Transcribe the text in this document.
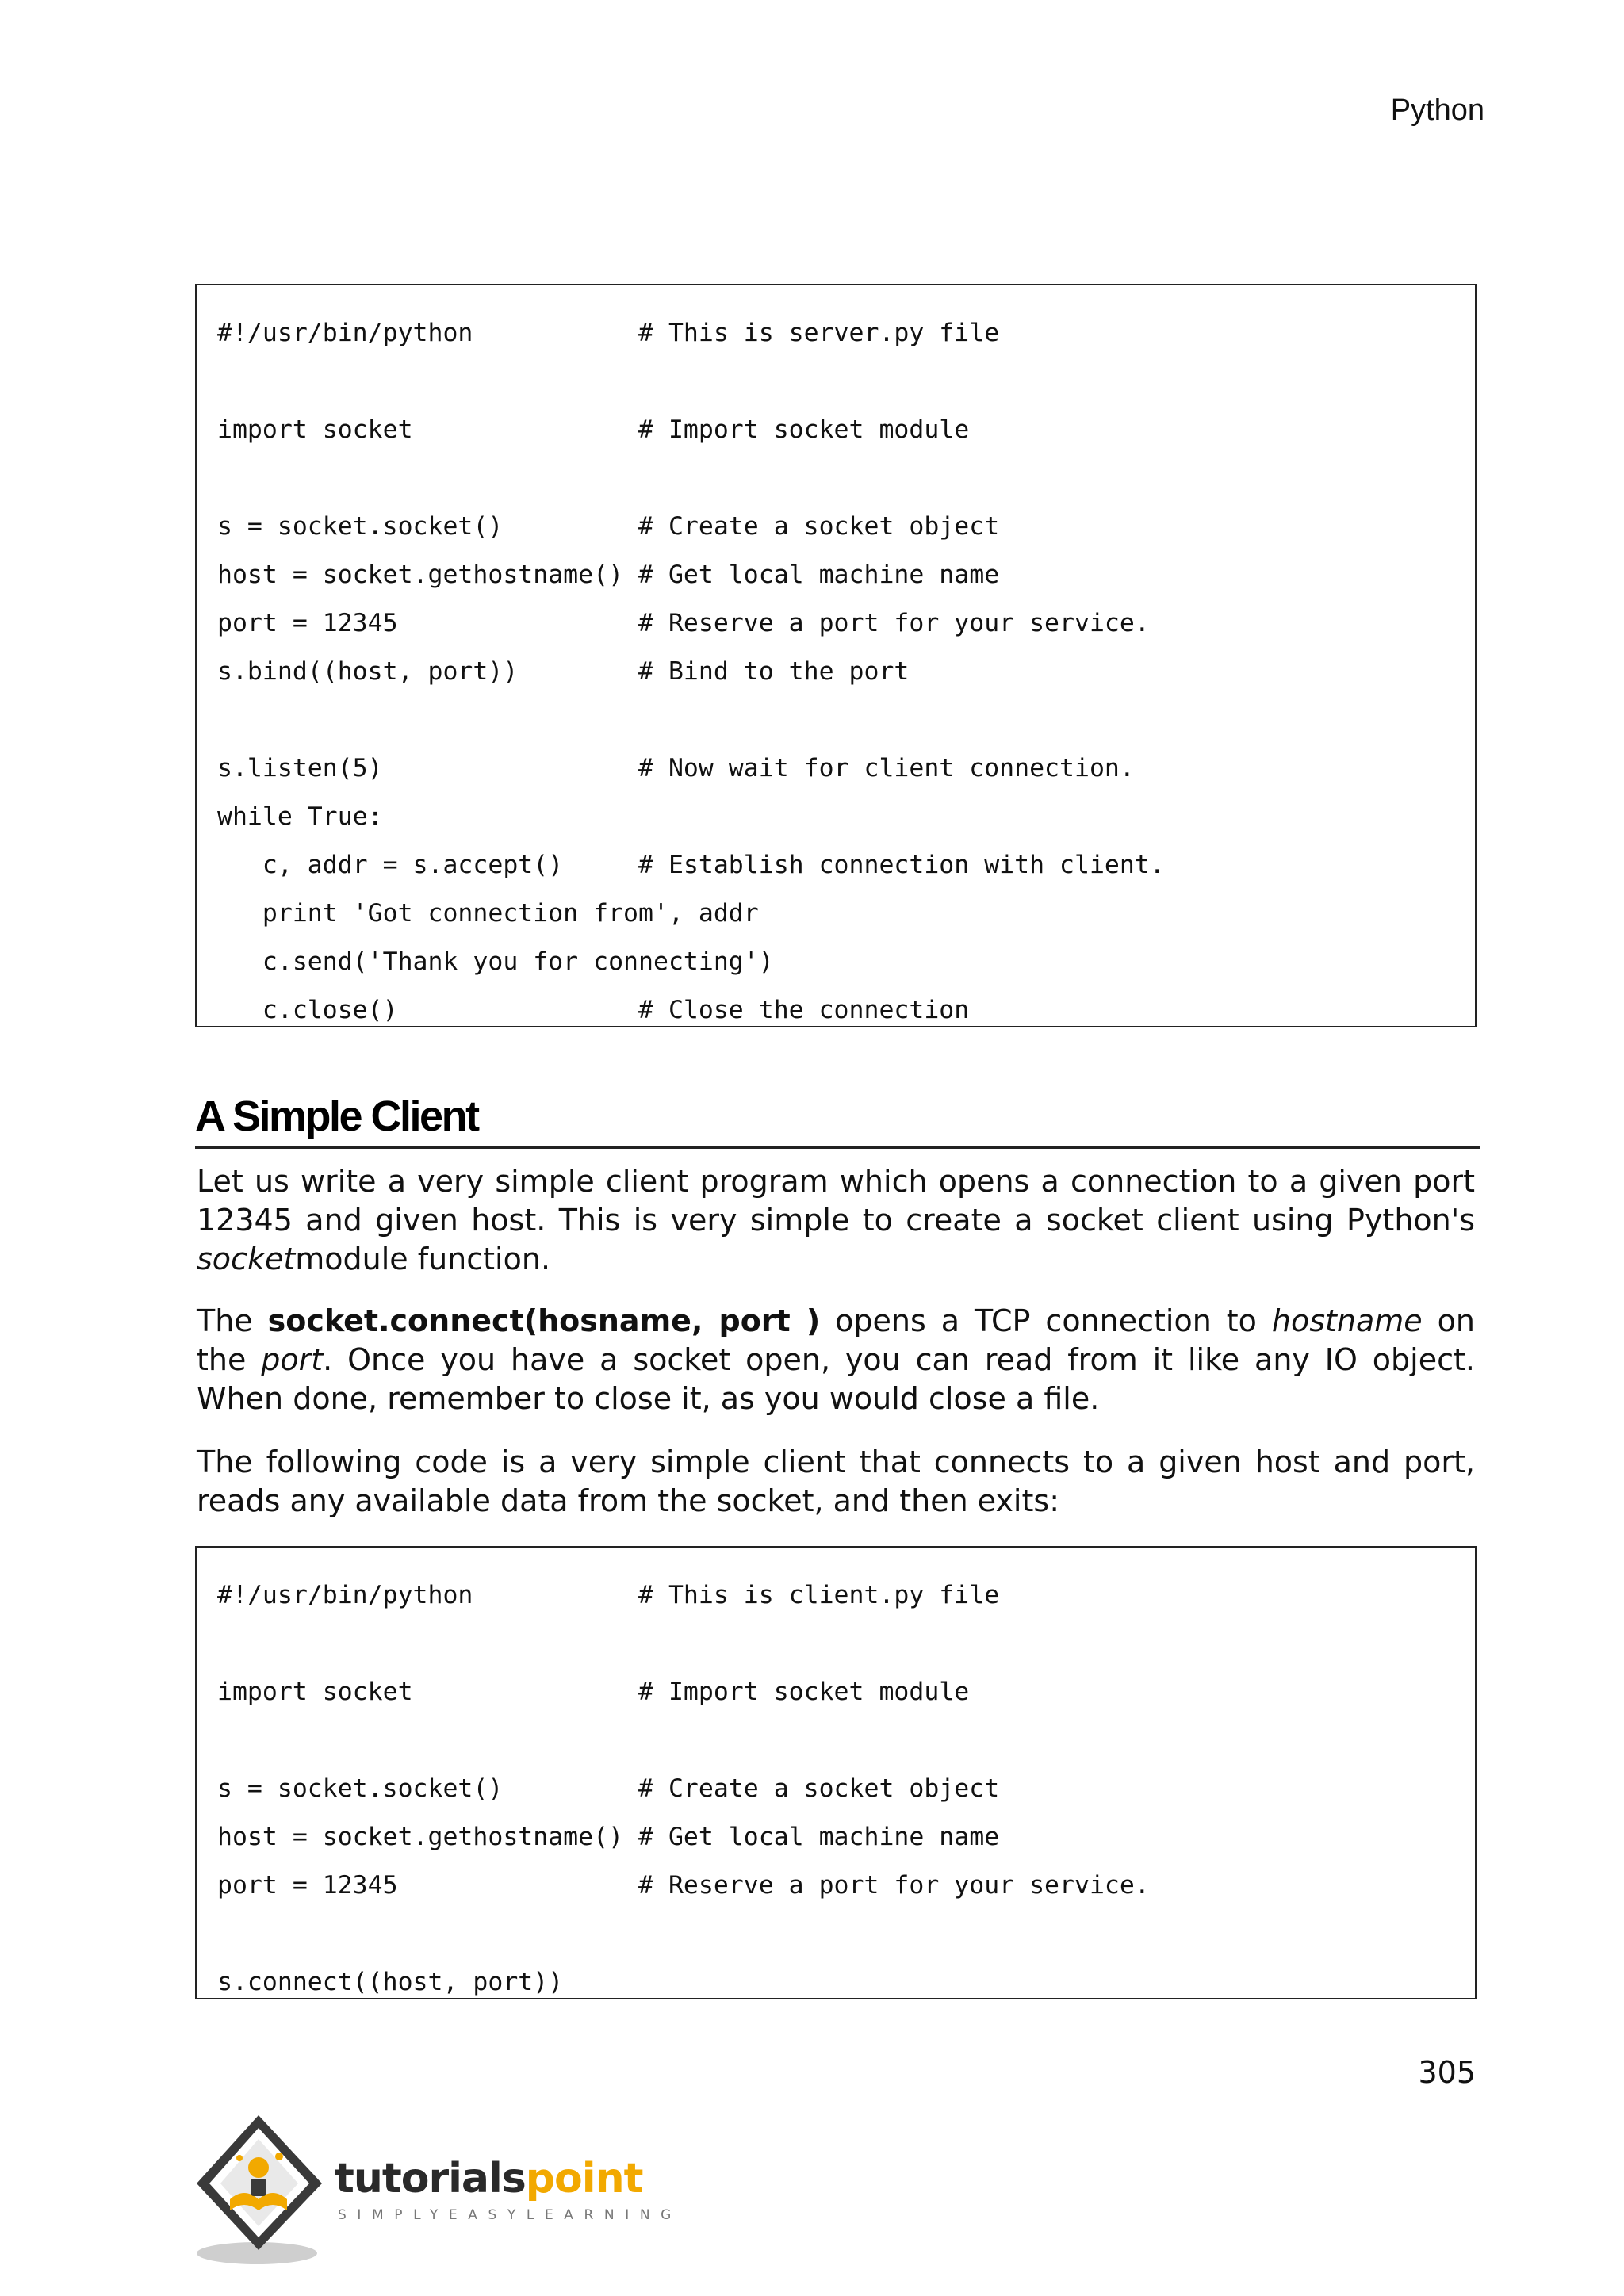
Python
#!/usr/bin/python           # This is server.py file
import socket               # Import socket module
s = socket.socket()         # Create a socket object
host = socket.gethostname() # Get local machine name
port = 12345                # Reserve a port for your service.
s.bind((host, port))        # Bind to the port
s.listen(5)                 # Now wait for client connection.
while True:
c, addr = s.accept()     # Establish connection with client.
print 'Got connection from', addr
c.send('Thank you for connecting')
c.close()                # Close the connection
A Simple Client

Let us write a very simple client program which opens a connection to a given port 12345 and given host. This is very simple to create a socket client using Python's socketmodule function.

The socket.connect(hosname, port ) opens a TCP connection to hostname on the port. Once you have a socket open, you can read from it like any IO object. When done, remember to close it, as you would close a file.

The following code is a very simple client that connects to a given host and port, reads any available data from the socket, and then exits:

#!/usr/bin/python           # This is client.py file
import socket               # Import socket module
s = socket.socket()         # Create a socket object
host = socket.gethostname() # Get local machine name
port = 12345                # Reserve a port for your service.
s.connect((host, port))
305
tutorialspoint
SIMPLYEASYLEARNING
